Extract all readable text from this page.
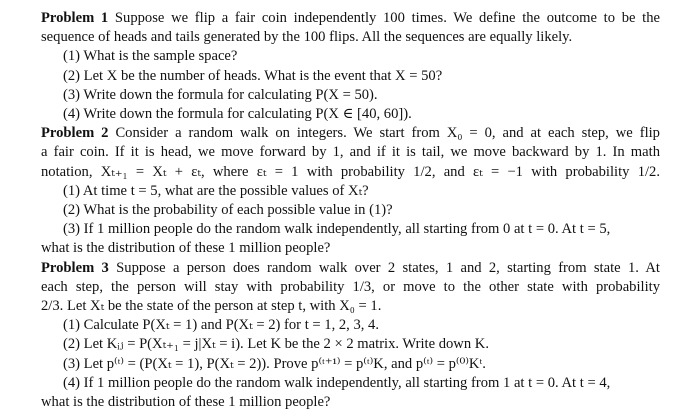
Problem 1 Suppose we flip a fair coin independently 100 times. We define the outcome to be the
sequence of heads and tails generated by the 100 flips. All the sequences are equally likely.
(1) What is the sample space?
(2) Let X be the number of heads. What is the event that X = 50?
(3) Write down the formula for calculating P(X = 50).
(4) Write down the formula for calculating P(X ∈ [40, 60]).
Problem 2 Consider a random walk on integers. We start from X₀ = 0, and at each step, we flip
a fair coin. If it is head, we move forward by 1, and if it is tail, we move backward by 1. In math
notation, Xₜ₊₁ = Xₜ + εₜ, where εₜ = 1 with probability 1/2, and εₜ = −1 with probability 1/2.
(1) At time t = 5, what are the possible values of Xₜ?
(2) What is the probability of each possible value in (1)?
(3) If 1 million people do the random walk independently, all starting from 0 at t = 0. At t = 5,
what is the distribution of these 1 million people?
Problem 3 Suppose a person does random walk over 2 states, 1 and 2, starting from state 1. At
each step, the person will stay with probability 1/3, or move to the other state with probability
2/3. Let Xₜ be the state of the person at step t, with X₀ = 1.
(1) Calculate P(Xₜ = 1) and P(Xₜ = 2) for t = 1, 2, 3, 4.
(2) Let Kᵢⱼ = P(Xₜ₊₁ = j|Xₜ = i). Let K be the 2 × 2 matrix. Write down K.
(3) Let p⁽ᵗ⁾ = (P(Xₜ = 1), P(Xₜ = 2)). Prove p⁽ᵗ⁺¹⁾ = p⁽ᵗ⁾K, and p⁽ᵗ⁾ = p⁽⁰⁾Kᵗ.
(4) If 1 million people do the random walk independently, all starting from 1 at t = 0. At t = 4,
what is the distribution of these 1 million people?
